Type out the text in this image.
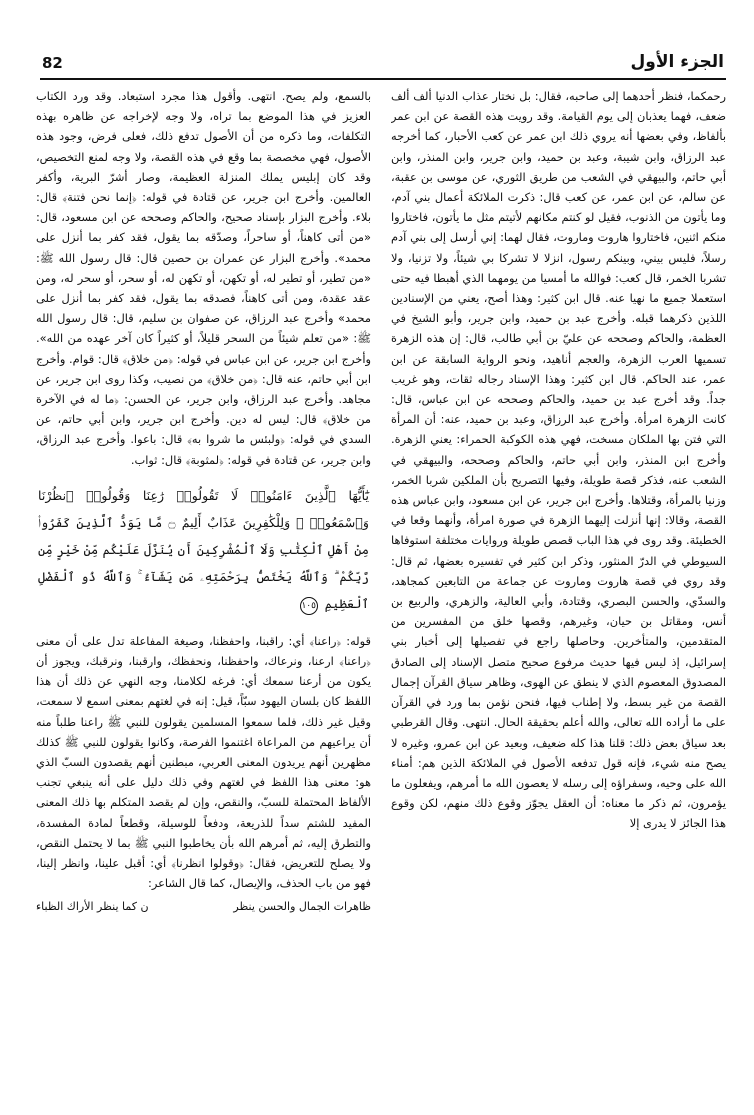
الجزء الأول
82

رحمكما، فنظر أحدهما إلى صاحبه، فقال: بل نختار عذاب الدنيا ألف ألف ضعف، فهما يعذبان إلى يوم القيامة. وقد رويت هذه القصة عن ابن عمر بألفاظ، وفي بعضها أنه يروي ذلك ابن عمر عن كعب الأحبار، كما أخرجه عبد الرزاق، وابن شيبة، وعبد بن حميد، وابن جرير، وابن المنذر، وابن أبي حاتم، والبيهقي في الشعب من طريق الثوري، عن موسى بن عقبة، عن سالم، عن ابن عمر، عن كعب قال: ذكرت الملائكة أعمال بني آدم، وما يأتون من الذنوب، فقيل لو كنتم مكانهم لأتيتم مثل ما يأتون، فاختاروا منكم اثنين، فاختاروا هاروت وماروت، فقال لهما: إني أرسل إلى بني آدم رسلاً، فليس بيني، وبينكم رسول، انزلا لا تشركا بي شيئاً، ولا تزنيا، ولا تشربا الخمر، قال كعب: فوالله ما أمسيا من يومهما الذي أهبطا فيه حتى استعملا جميع ما نهيا عنه. قال ابن كثير: وهذا أصح، يعني من الإسنادين اللذين ذكرهما قبله. وأخرج عبد بن حميد، وابن جرير، وأبو الشيخ في العظمة، والحاكم وصححه عن عليّ بن أبي طالب، قال: إن هذه الزهرة تسميها العرب الزهرة، والعجم أناهيد، ونحو الرواية السابقة عن ابن عمر، عند الحاكم. قال ابن كثير: وهذا الإسناد رجاله ثقات، وهو غريب جداً. وقد أخرج عبد بن حميد، والحاكم وصححه عن ابن عباس، قال: كانت الزهرة امرأة. وأخرج عبد الرزاق، وعبد بن حميد، عنه: أن المرأة التي فتن بها الملكان مسخت، فهي هذه الكوكبة الحمراء: يعني الزهرة. وأخرج ابن المنذر، وابن أبي حاتم، والحاكم وصححه، والبيهقي في الشعب عنه، فذكر قصة طويلة، وفيها التصريح بأن الملكين شربا الخمر، وزنيا بالمرأة، وقتلاها. وأخرج ابن جرير، عن ابن مسعود، وابن عباس هذه القصة، وقالا: إنها أنزلت إليهما الزهرة في صورة امرأة، وأنهما وقعا في الخطيئة. وقد روى في هذا الباب قصص طويلة وروايات مختلفة استوفاها السيوطي في الدرّ المنثور، وذكر ابن كثير في تفسيره بعضها، ثم قال: وقد روي في قصة هاروت وماروت عن جماعة من التابعين كمجاهد، والسدّي، والحسن البصري، وقتادة، وأبي العالية، والزهري، والربيع بن أنس، ومقاتل بن حيان، وغيرهم، وقصها خلق من المفسرين من المتقدمين، والمتأخرين. وحاصلها راجع في تفصيلها إلى أخبار بني إسرائيل، إذ ليس فيها حديث مرفوع صحيح متصل الإسناد إلى الصادق المصدوق المعصوم الذي لا ينطق عن الهوى، وظاهر سياق القرآن إجمال القصة من غير بسط، ولا إطناب فيها، فنحن نؤمن بما ورد في القرآن على ما أراده الله تعالى، والله أعلم بحقيقة الحال. انتهى. وقال القرطبي بعد سياق بعض ذلك: قلنا هذا كله ضعيف، وبعيد عن ابن عمرو، وغيره لا يصح منه شيء، فإنه قول تدفعه الأصول في الملائكة الذين هم: أمناء الله على وحيه، وسفراؤه إلى رسله لا يعصون الله ما أمرهم، ويفعلون ما يؤمرون، ثم ذكر ما معناه: أن العقل يجوّز وقوع ذلك منهم، لكن وقوع هذا الجائز لا يدرى إلا

بالسمع، ولم يصح. انتهى. وأقول هذا مجرد استبعاد. وقد ورد الكتاب العزيز في هذا الموضع بما تراه، ولا وجه لإخراجه عن ظاهره بهذه التكلفات، وما ذكره من أن الأصول تدفع ذلك، فعلى فرض، وجود هذه الأصول، فهي مخصصة بما وقع في هذه القصة، ولا وجه لمنع التخصيص، وقد كان إبليس يملك المنزلة العظيمة، وصار أشرّ البرية، وأكفر العالمين. وأخرج ابن جرير، عن قتادة في قوله: ﴿إنما نحن فتنة﴾ قال: بلاء. وأخرج البزار بإسناد صحيح، والحاكم وصححه عن ابن مسعود، قال: «من أتى كاهناً، أو ساحراً، وصدّقه بما يقول، فقد كفر بما أنزل على محمد». وأخرج البزار عن عمران بن حصين قال: قال رسول الله ﷺ: «من تطير، أو تطير له، أو تكهن، أو تكهن له، أو سحر، أو سحر له، ومن عقد عقدة، ومن أتى كاهناً، فصدقه بما يقول، فقد كفر بما أنزل على محمد» وأخرج عبد الرزاق، عن صفوان بن سليم، قال: قال رسول الله ﷺ: «من تعلم شيئاً من السحر قليلاً، أو كثيراً كان آخر عهده من الله». وأخرج ابن جرير، عن ابن عباس في قوله: ﴿من خلاق﴾ قال: قوام. وأخرج ابن أبي حاتم، عنه قال: ﴿من خلاق﴾ من نصيب، وكذا روى ابن جرير، عن مجاهد. وأخرج عبد الرزاق، وابن جرير، عن الحسن: ﴿ما له في الآخرة من خلاق﴾ قال: ليس له دين. وأخرج ابن جرير، وابن أبي حاتم، عن السدي في قوله: ﴿ولبئس ما شروا به﴾ قال: باعوا. وأخرج عبد الرزاق، وابن جرير، عن قتادة في قوله: ﴿لمثوبة﴾ قال: ثواب.

يَٰٓأَيُّهَا ٱلَّذِينَ ءَامَنُوا۟ لَا تَقُولُوا۟ رَٰعِنَا وَقُولُوا۟ ٱنظُرْنَا وَٱسْمَعُوا۟ ۗ وَلِلْكَٰفِرِينَ عَذَابٌ أَلِيمٌ ۝ مَّا يَوَدُّ ٱلَّذِينَ كَفَرُوا۟ مِنْ أَهْلِ ٱلْكِتَٰبِ وَلَا ٱلْمُشْرِكِينَ أَن يُنَزَّلَ عَلَيْكُم مِّنْ خَيْرٍ مِّن رَّبِّكُمْ ۗ وَٱللَّهُ يَخْتَصُّ بِرَحْمَتِهِۦ مَن يَشَآءُ ۚ وَٱللَّهُ ذُو ٱلْفَضْلِ ٱلْعَظِيمِ ١٠٥

قوله: ﴿راعنا﴾ أي: راقبنا، واحفظنا، وصيغة المفاعلة تدل على أن معنى ﴿راعنا﴾ ارعنا، ونرعاك، واحفظنا، ونحفظك، وارقبنا، ونرقبك، ويجوز أن يكون من أرعنا سمعك أي: فرغه لكلامنا، وجه النهي عن ذلك أن هذا اللفظ كان بلسان اليهود سبّاً، قيل: إنه في لغتهم بمعنى اسمع لا سمعت، وقيل غير ذلك، فلما سمعوا المسلمين يقولون للنبي ﷺ راعنا طلباً منه أن يراعيهم من المراعاة اغتنموا الفرصة، وكانوا يقولون للنبي ﷺ كذلك مظهرين أنهم يريدون المعنى العربي، مبطنين أنهم يقصدون السبّ الذي هو: معنى هذا اللفظ في لغتهم وفي ذلك دليل على أنه ينبغي تجنب الألفاظ المحتملة للسبّ، والنقص، وإن لم يقصد المتكلم بها ذلك المعنى المفيد للشتم سداً للذريعة، ودفعاً للوسيلة، وقطعاً لمادة المفسدة، والتطرق إليه، ثم أمرهم الله بأن يخاطبوا النبي ﷺ بما لا يحتمل النقص، ولا يصلح للتعريض، فقال: ﴿وقولوا انظرنا﴾ أي: أقبل علينا، وانظر إلينا، فهو من باب الحذف، والإيصال، كما قال الشاعر:

ظاهرات الجمال والحسن ينظر
ن كما ينظر الأراك الظباء
